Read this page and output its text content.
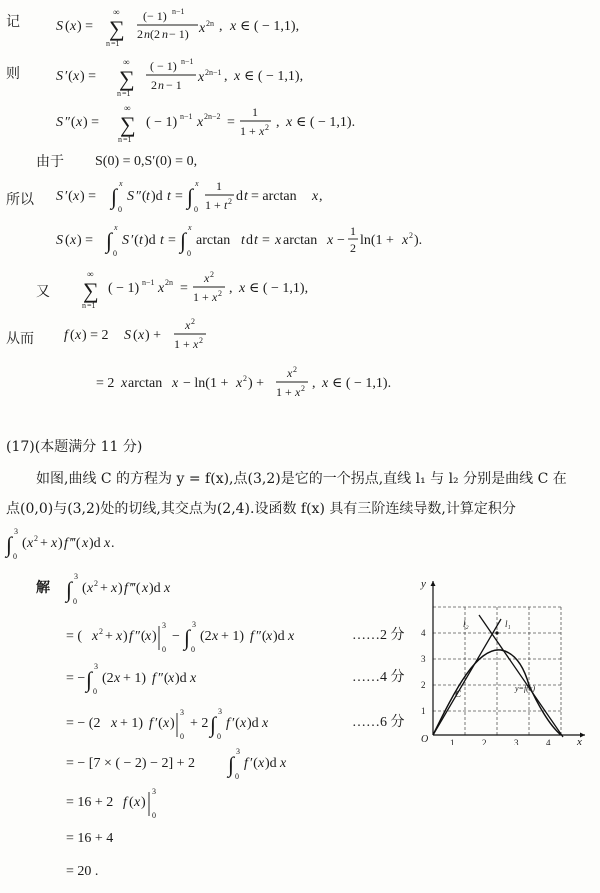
记
则
由于 S(0) = 0,S′(0) = 0,
所以
又
从而
(17)(本题满分 11 分)
如图,曲线 C 的方程为 y = f(x),点(3,2)是它的一个拐点,直线 l₁ 与 l₂ 分别是曲线 C 在
点(0,0)与(3,2)处的切线,其交点为(2,4).设函数 f(x) 具有三阶连续导数,计算定积分
解
……2 分
……4 分
……6 分
= 16 + 4
= 20 .
S ( x ) =
∞
∑
n =1
( − 1) n−1
2 n (2 n − 1) x 2n , x ∈ ( − 1,1),
S ′( x ) =
∞
∑
n =1
( − 1) n−1
2 n − 1 x 2n−1 , x ∈ ( − 1,1),
S ″( x ) =
∞
∑
n =1
( − 1) n−1 x 2n−2 =
1
1 + x 2 , x ∈ ( − 1,1).
S ′( x ) = ∫
0
x
S ″( t )d t = ∫
0
x 1
1 + t 2 d t = arctan x ,
S ( x ) = ∫
0
x
S ′( t )d t = ∫
0
x
arctan t d t = x arctan x −
1
2 ln(1 + x 2 ).
∞
∑
n =1
( − 1) n−1 x 2n =
x 2
1 + x 2 , x ∈ ( − 1,1),
f ( x ) = 2 S ( x ) +
x 2
1 + x 2
= 2 x arctan x − ln(1 + x 2 ) +
x 2
1 + x 2 , x ∈ ( − 1,1).
∫ 0
3
( x 2 + x ) f ‴( x )d x .
∫ 0
3
( x 2 + x ) f ‴( x )d x
= ( x 2 + x ) f ″( x )
3
0
− ∫ 0
3
(2 x + 1) f ″( x )d x
= − ∫ 0
3
(2 x + 1) f ″( x )d x
= − (2 x + 1) f ′( x )
3
0
+ 2 ∫ 0
3
f ′( x )d x
= − [7 × ( − 2) − 2] + 2 ∫ 0
3
f ′( x )d x
= 16 + 2 f ( x )
3
0
y
x
O 1	2	3	4
1
2
3
4
l₂	l₁
y=f(x)
C
